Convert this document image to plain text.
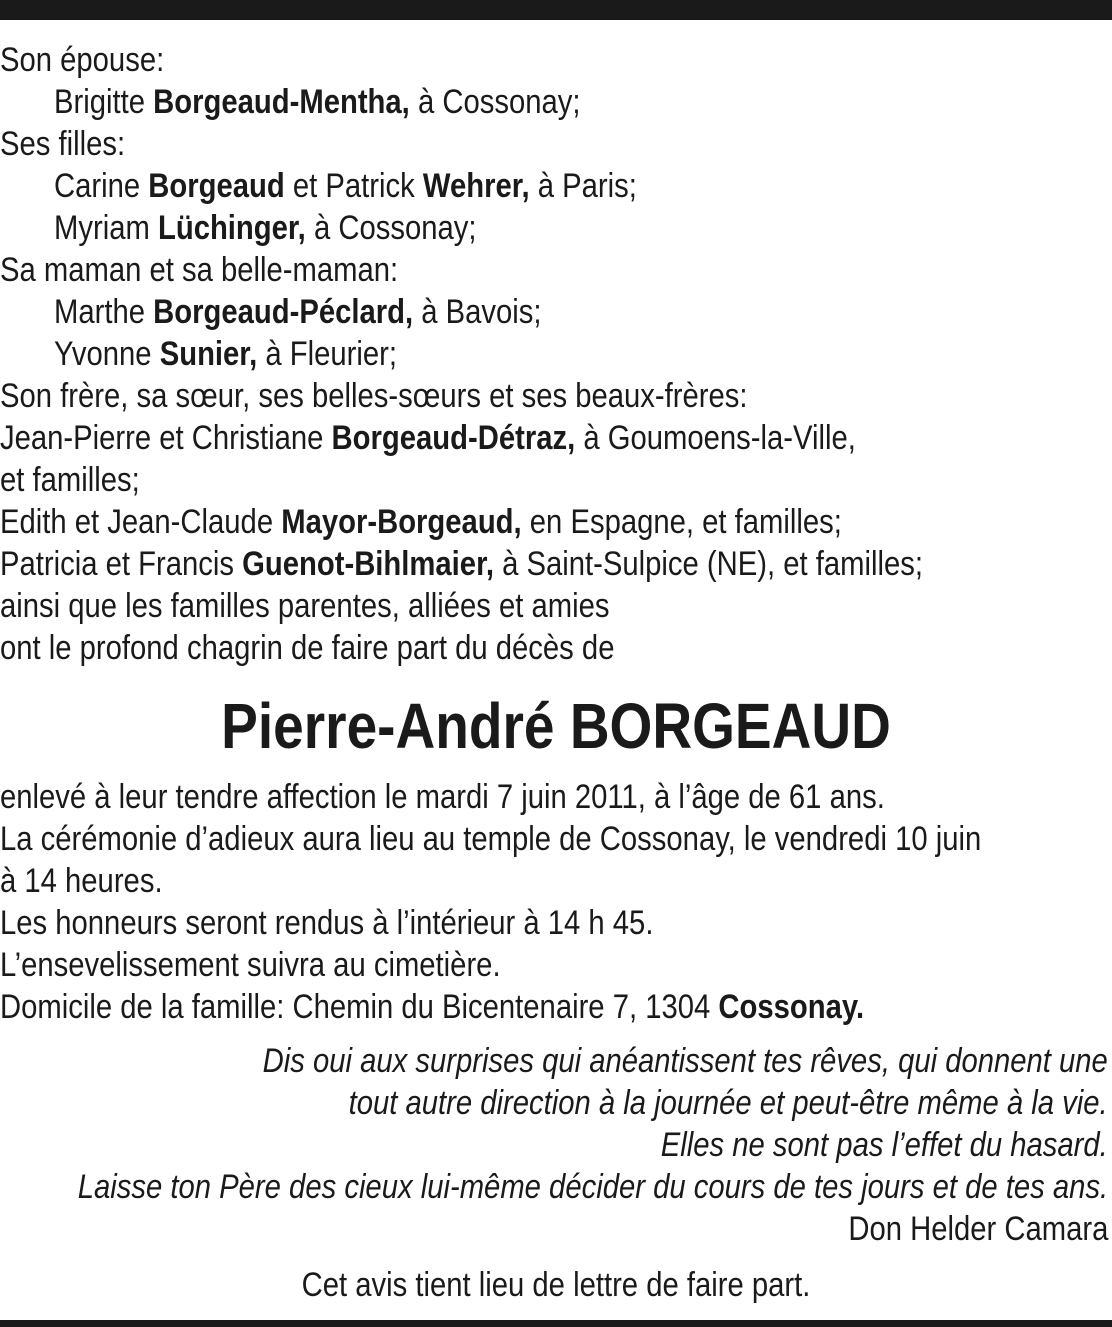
Son épouse:

Brigitte Borgeaud-Mentha, à Cossonay;

Ses filles:

Carine Borgeaud et Patrick Wehrer, à Paris;

Myriam Lüchinger, à Cossonay;

Sa maman et sa belle-maman:

Marthe Borgeaud-Péclard, à Bavois;

Yvonne Sunier, à Fleurier;

Son frère, sa sœur, ses belles-sœurs et ses beaux-frères:

Jean-Pierre et Christiane Borgeaud-Détraz, à Goumoens-la-Ville,

et familles;

Edith et Jean-Claude Mayor-Borgeaud, en Espagne, et familles;

Patricia et Francis Guenot-Bihlmaier, à Saint-Sulpice (NE), et familles;

ainsi que les familles parentes, alliées et amies

ont le profond chagrin de faire part du décès de

Pierre-André BORGEAUD

enlevé à leur tendre affection le mardi 7 juin 2011, à l’âge de 61 ans.

La cérémonie d’adieux aura lieu au temple de Cossonay, le vendredi 10 juin

à 14 heures.

Les honneurs seront rendus à l’intérieur à 14 h 45.

L’ensevelissement suivra au cimetière.

Domicile de la famille: Chemin du Bicentenaire 7, 1304 Cossonay.

Dis oui aux surprises qui anéantissent tes rêves, qui donnent une

tout autre direction à la journée et peut-être même à la vie.

Elles ne sont pas l’effet du hasard.

Laisse ton Père des cieux lui-même décider du cours de tes jours et de tes ans.

Don Helder Camara

Cet avis tient lieu de lettre de faire part.
